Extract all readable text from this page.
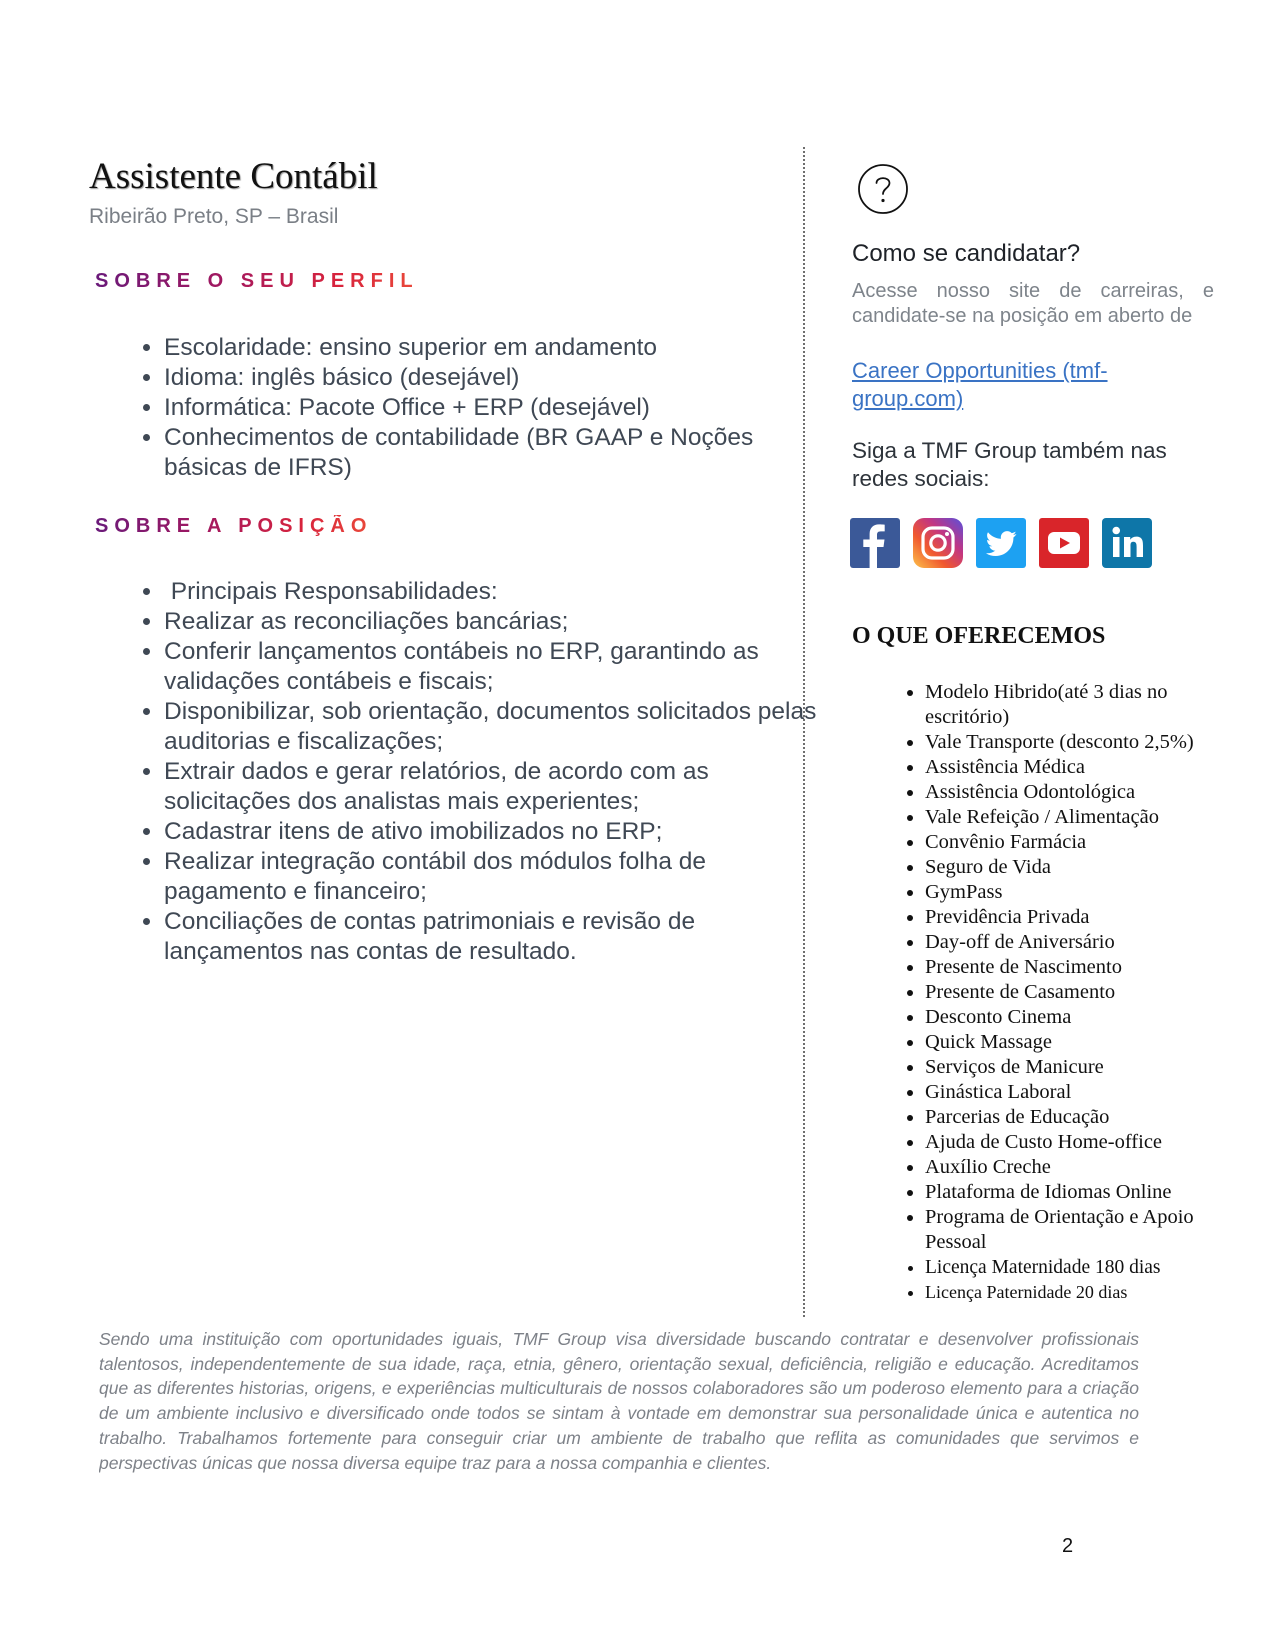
Assistente Contábil
Ribeirão Preto, SP – Brasil
SOBRE O SEU PERFIL
• Escolaridade: ensino superior em andamento
• Idioma: inglês básico (desejável)
• Informática: Pacote Office + ERP (desejável)
• Conhecimentos de contabilidade (BR GAAP e Noções básicas de IFRS)
SOBRE A POSIÇÃO
•  Principais Responsabilidades:
• Realizar as reconciliações bancárias;
• Conferir lançamentos contábeis no ERP, garantindo as validações contábeis e fiscais;
• Disponibilizar, sob orientação, documentos solicitados pelas auditorias e fiscalizações;
• Extrair dados e gerar relatórios, de acordo com as solicitações dos analistas mais experientes;
• Cadastrar itens de ativo imobilizados no ERP;
• Realizar integração contábil dos módulos folha de pagamento e financeiro;
• Conciliações de contas patrimoniais e revisão de lançamentos nas contas de resultado.
Como se candidatar?

Acesse nosso site de carreiras, e candidate-se na posição em aberto de

Career Opportunities (tmf-group.com)

Siga a TMF Group também nas redes sociais:

O QUE OFERECEMOS
• Modelo Hibrido(até 3 dias no escritório)
• Vale Transporte (desconto 2,5%)
• Assistência Médica
• Assistência Odontológica
• Vale Refeição / Alimentação
• Convênio Farmácia
• Seguro de Vida
• GymPass
• Previdência Privada
• Day-off de Aniversário
• Presente de Nascimento
• Presente de Casamento
• Desconto Cinema
• Quick Massage
• Serviços de Manicure
• Ginástica Laboral
• Parcerias de Educação
• Ajuda de Custo Home-office
• Auxílio Creche
• Plataforma de Idiomas Online
• Programa de Orientação e Apoio Pessoal
• Licença Maternidade 180 dias
• Licença Paternidade 20 dias

Sendo uma instituição com oportunidades iguais, TMF Group visa diversidade buscando contratar e desenvolver profissionais talentosos, independentemente de sua idade, raça, etnia, gênero, orientação sexual, deficiência, religião e educação. Acreditamos que as diferentes historias, origens, e experiências multiculturais de nossos colaboradores são um poderoso elemento para a criação de um ambiente inclusivo e diversificado onde todos se sintam à vontade em demonstrar sua personalidade única e autentica no trabalho. Trabalhamos fortemente para conseguir criar um ambiente de trabalho que reflita as comunidades que servimos e perspectivas únicas que nossa diversa equipe traz para a nossa companhia e clientes.

2
